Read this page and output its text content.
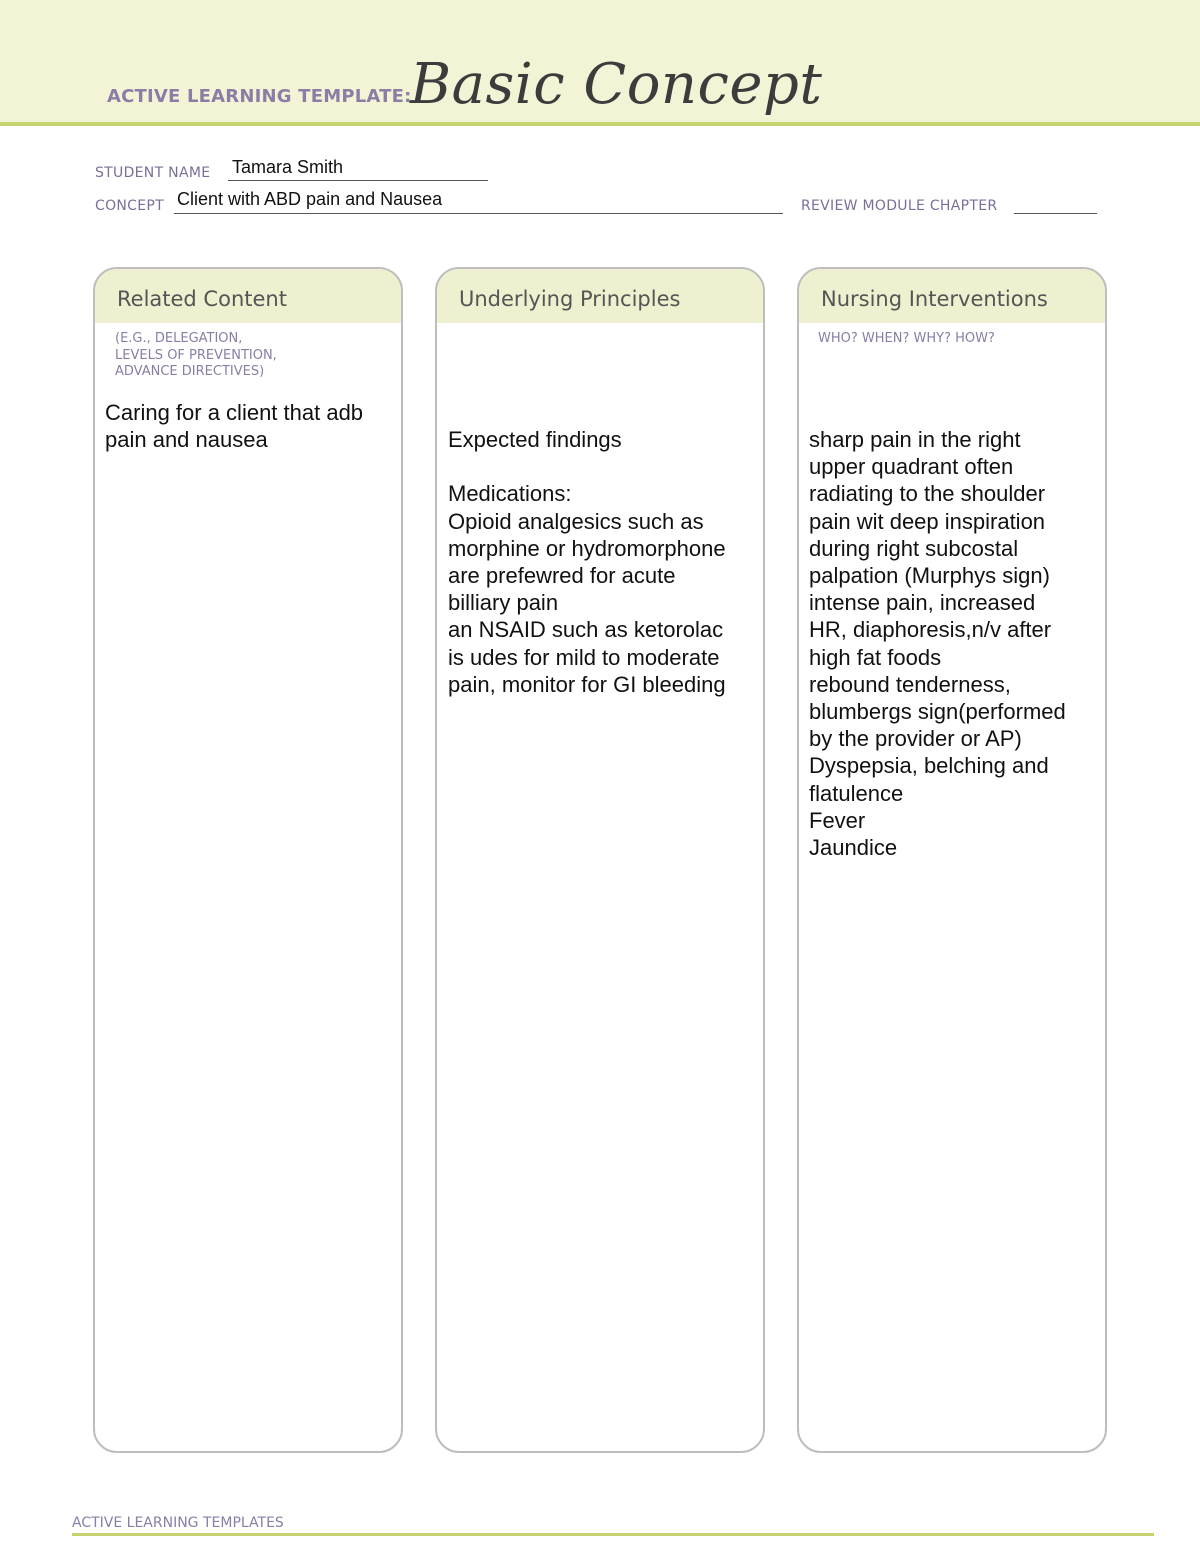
ACTIVE LEARNING TEMPLATE:
Basic Concept
STUDENT NAME Tamara Smith
CONCEPT Client with ABD pain and Nausea	REVIEW MODULE CHAPTER
Related Content
(E.G., DELEGATION,
LEVELS OF PREVENTION,
ADVANCE DIRECTIVES)
Caring for a client that adb
pain and nausea
Underlying Principles
Expected findings

Medications:
Opioid analgesics such as
morphine or hydromorphone
are prefewred for acute
billiary pain
an NSAID such as ketorolac
is udes for mild to moderate
pain, monitor for GI bleeding
Nursing Interventions
WHO? WHEN? WHY? HOW?
sharp pain in the right
upper quadrant often
radiating to the shoulder
pain wit deep inspiration
during right subcostal
palpation (Murphys sign)
intense pain, increased
HR, diaphoresis,n/v after
high fat foods
rebound tenderness,
blumbergs sign(performed
by the provider or AP)
Dyspepsia, belching and
flatulence
Fever
Jaundice
ACTIVE LEARNING TEMPLATES
